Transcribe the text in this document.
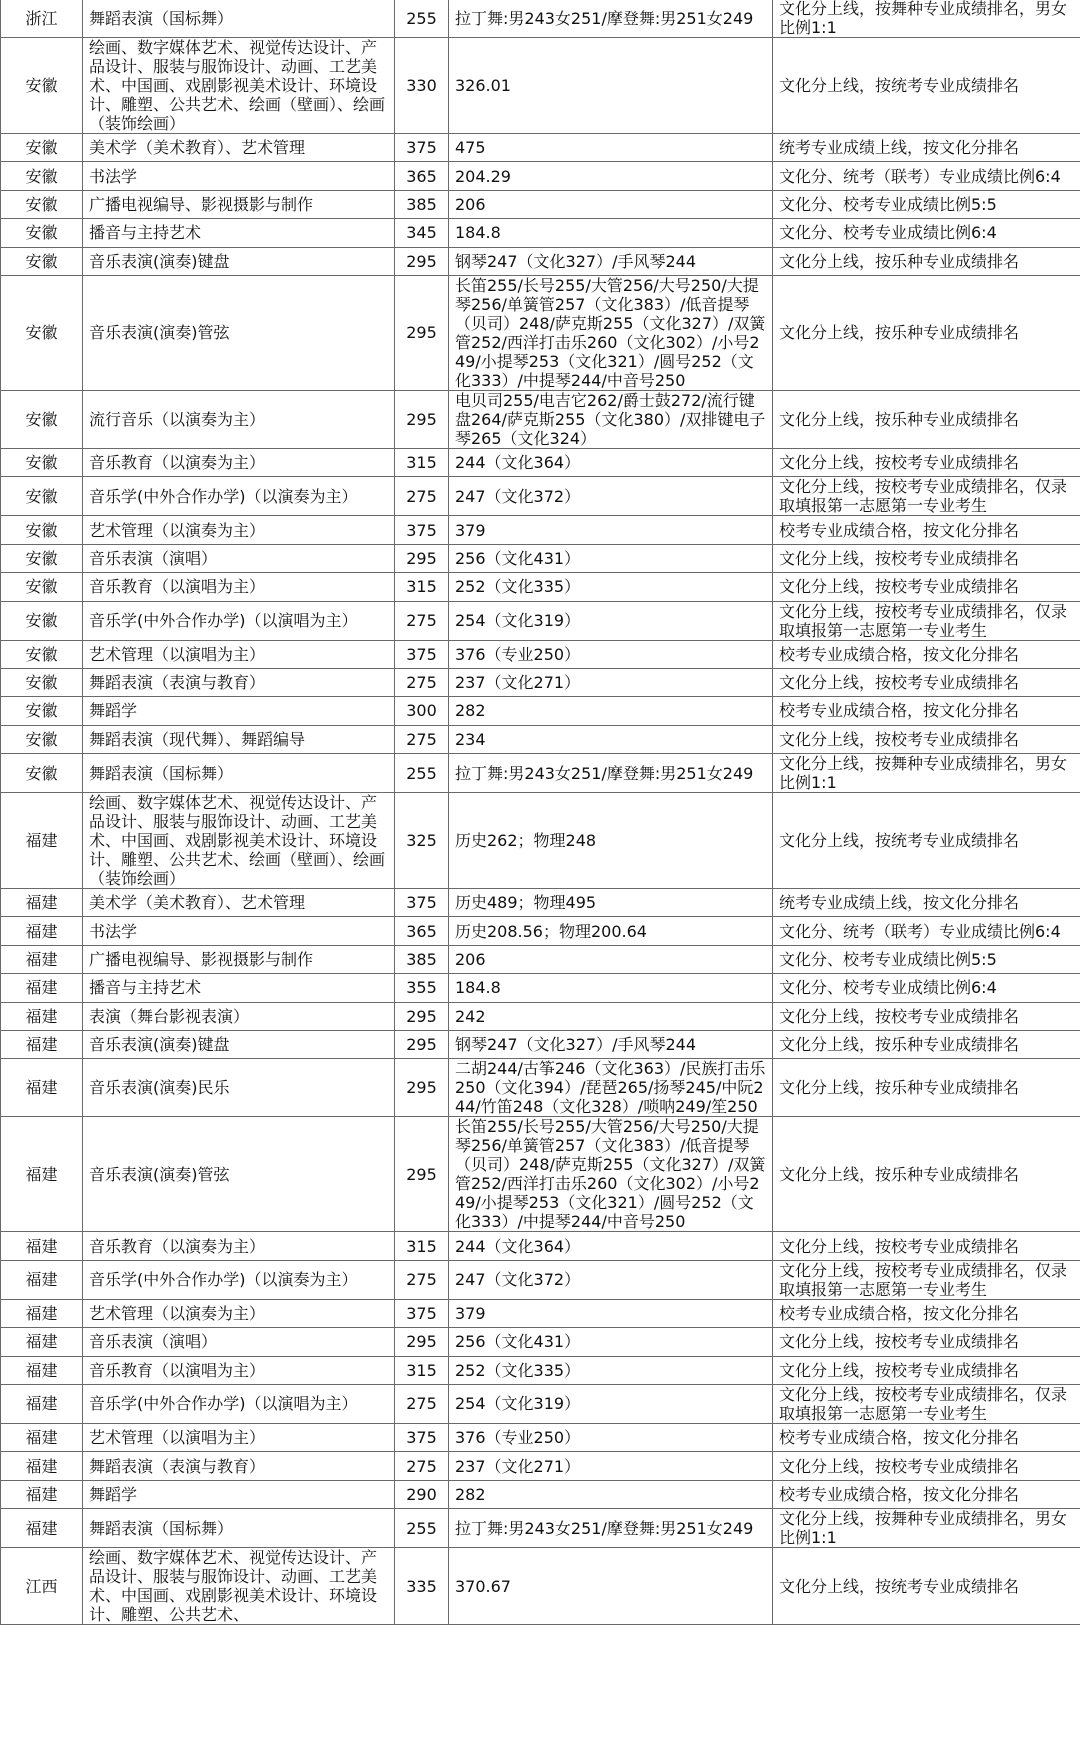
浙江	舞蹈表演（国标舞）	255	拉丁舞:男243女251/摩登舞:男251女249	文化分上线，按舞种专业成绩排名，男女比例1:1
安徽	绘画、数字媒体艺术、视觉传达设计、产品设计、服装与服饰设计、动画、工艺美术、中国画、戏剧影视美术设计、环境设计、雕塑、公共艺术、绘画（壁画）、绘画（装饰绘画）	330	326.01	文化分上线，按统考专业成绩排名
安徽	美术学（美术教育）、艺术管理	375	475	统考专业成绩上线，按文化分排名
安徽	书法学	365	204.29	文化分、统考（联考）专业成绩比例6:4
安徽	广播电视编导、影视摄影与制作	385	206	文化分、校考专业成绩比例5:5
安徽	播音与主持艺术	345	184.8	文化分、校考专业成绩比例6:4
安徽	音乐表演(演奏)键盘	295	钢琴247（文化327）/手风琴244	文化分上线，按乐种专业成绩排名
安徽	音乐表演(演奏)管弦	295	长笛255/长号255/大管256/大号250/大提琴256/单簧管257（文化383）/低音提琴（贝司）248/萨克斯255（文化327）/双簧管252/西洋打击乐260（文化302）/小号249/小提琴253（文化321）/圆号252（文化333）/中提琴244/中音号250	文化分上线，按乐种专业成绩排名
安徽	流行音乐（以演奏为主）	295	电贝司255/电吉它262/爵士鼓272/流行键盘264/萨克斯255（文化380）/双排键电子琴265（文化324）	文化分上线，按乐种专业成绩排名
安徽	音乐教育（以演奏为主）	315	244（文化364）	文化分上线，按校考专业成绩排名
安徽	音乐学(中外合作办学)（以演奏为主）	275	247（文化372）	文化分上线，按校考专业成绩排名，仅录取填报第一志愿第一专业考生
安徽	艺术管理（以演奏为主）	375	379	校考专业成绩合格，按文化分排名
安徽	音乐表演（演唱）	295	256（文化431）	文化分上线，按校考专业成绩排名
安徽	音乐教育（以演唱为主）	315	252（文化335）	文化分上线，按校考专业成绩排名
安徽	音乐学(中外合作办学)（以演唱为主）	275	254（文化319）	文化分上线，按校考专业成绩排名，仅录取填报第一志愿第一专业考生
安徽	艺术管理（以演唱为主）	375	376（专业250）	校考专业成绩合格，按文化分排名
安徽	舞蹈表演（表演与教育）	275	237（文化271）	文化分上线，按校考专业成绩排名
安徽	舞蹈学	300	282	校考专业成绩合格，按文化分排名
安徽	舞蹈表演（现代舞）、舞蹈编导	275	234	文化分上线，按校考专业成绩排名
安徽	舞蹈表演（国标舞）	255	拉丁舞:男243女251/摩登舞:男251女249	文化分上线，按舞种专业成绩排名，男女比例1:1
福建	绘画、数字媒体艺术、视觉传达设计、产品设计、服装与服饰设计、动画、工艺美术、中国画、戏剧影视美术设计、环境设计、雕塑、公共艺术、绘画（壁画）、绘画（装饰绘画）	325	历史262；物理248	文化分上线，按统考专业成绩排名
福建	美术学（美术教育）、艺术管理	375	历史489；物理495	统考专业成绩上线，按文化分排名
福建	书法学	365	历史208.56；物理200.64	文化分、统考（联考）专业成绩比例6:4
福建	广播电视编导、影视摄影与制作	385	206	文化分、校考专业成绩比例5:5
福建	播音与主持艺术	355	184.8	文化分、校考专业成绩比例6:4
福建	表演（舞台影视表演）	295	242	文化分上线，按校考专业成绩排名
福建	音乐表演(演奏)键盘	295	钢琴247（文化327）/手风琴244	文化分上线，按乐种专业成绩排名
福建	音乐表演(演奏)民乐	295	二胡244/古筝246（文化363）/民族打击乐250（文化394）/琵琶265/扬琴245/中阮244/竹笛248（文化328）/唢呐249/笙250	文化分上线，按乐种专业成绩排名
福建	音乐表演(演奏)管弦	295	长笛255/长号255/大管256/大号250/大提琴256/单簧管257（文化383）/低音提琴（贝司）248/萨克斯255（文化327）/双簧管252/西洋打击乐260（文化302）/小号249/小提琴253（文化321）/圆号252（文化333）/中提琴244/中音号250	文化分上线，按乐种专业成绩排名
福建	音乐教育（以演奏为主）	315	244（文化364）	文化分上线，按校考专业成绩排名
福建	音乐学(中外合作办学)（以演奏为主）	275	247（文化372）	文化分上线，按校考专业成绩排名，仅录取填报第一志愿第一专业考生
福建	艺术管理（以演奏为主）	375	379	校考专业成绩合格，按文化分排名
福建	音乐表演（演唱）	295	256（文化431）	文化分上线，按校考专业成绩排名
福建	音乐教育（以演唱为主）	315	252（文化335）	文化分上线，按校考专业成绩排名
福建	音乐学(中外合作办学)（以演唱为主）	275	254（文化319）	文化分上线，按校考专业成绩排名，仅录取填报第一志愿第一专业考生
福建	艺术管理（以演唱为主）	375	376（专业250）	校考专业成绩合格，按文化分排名
福建	舞蹈表演（表演与教育）	275	237（文化271）	文化分上线，按校考专业成绩排名
福建	舞蹈学	290	282	校考专业成绩合格，按文化分排名
福建	舞蹈表演（国标舞）	255	拉丁舞:男243女251/摩登舞:男251女249	文化分上线，按舞种专业成绩排名，男女比例1:1
江西	绘画、数字媒体艺术、视觉传达设计、产品设计、服装与服饰设计、动画、工艺美术、中国画、戏剧影视美术设计、环境设计、雕塑、公共艺术、	335	370.67	文化分上线，按统考专业成绩排名
